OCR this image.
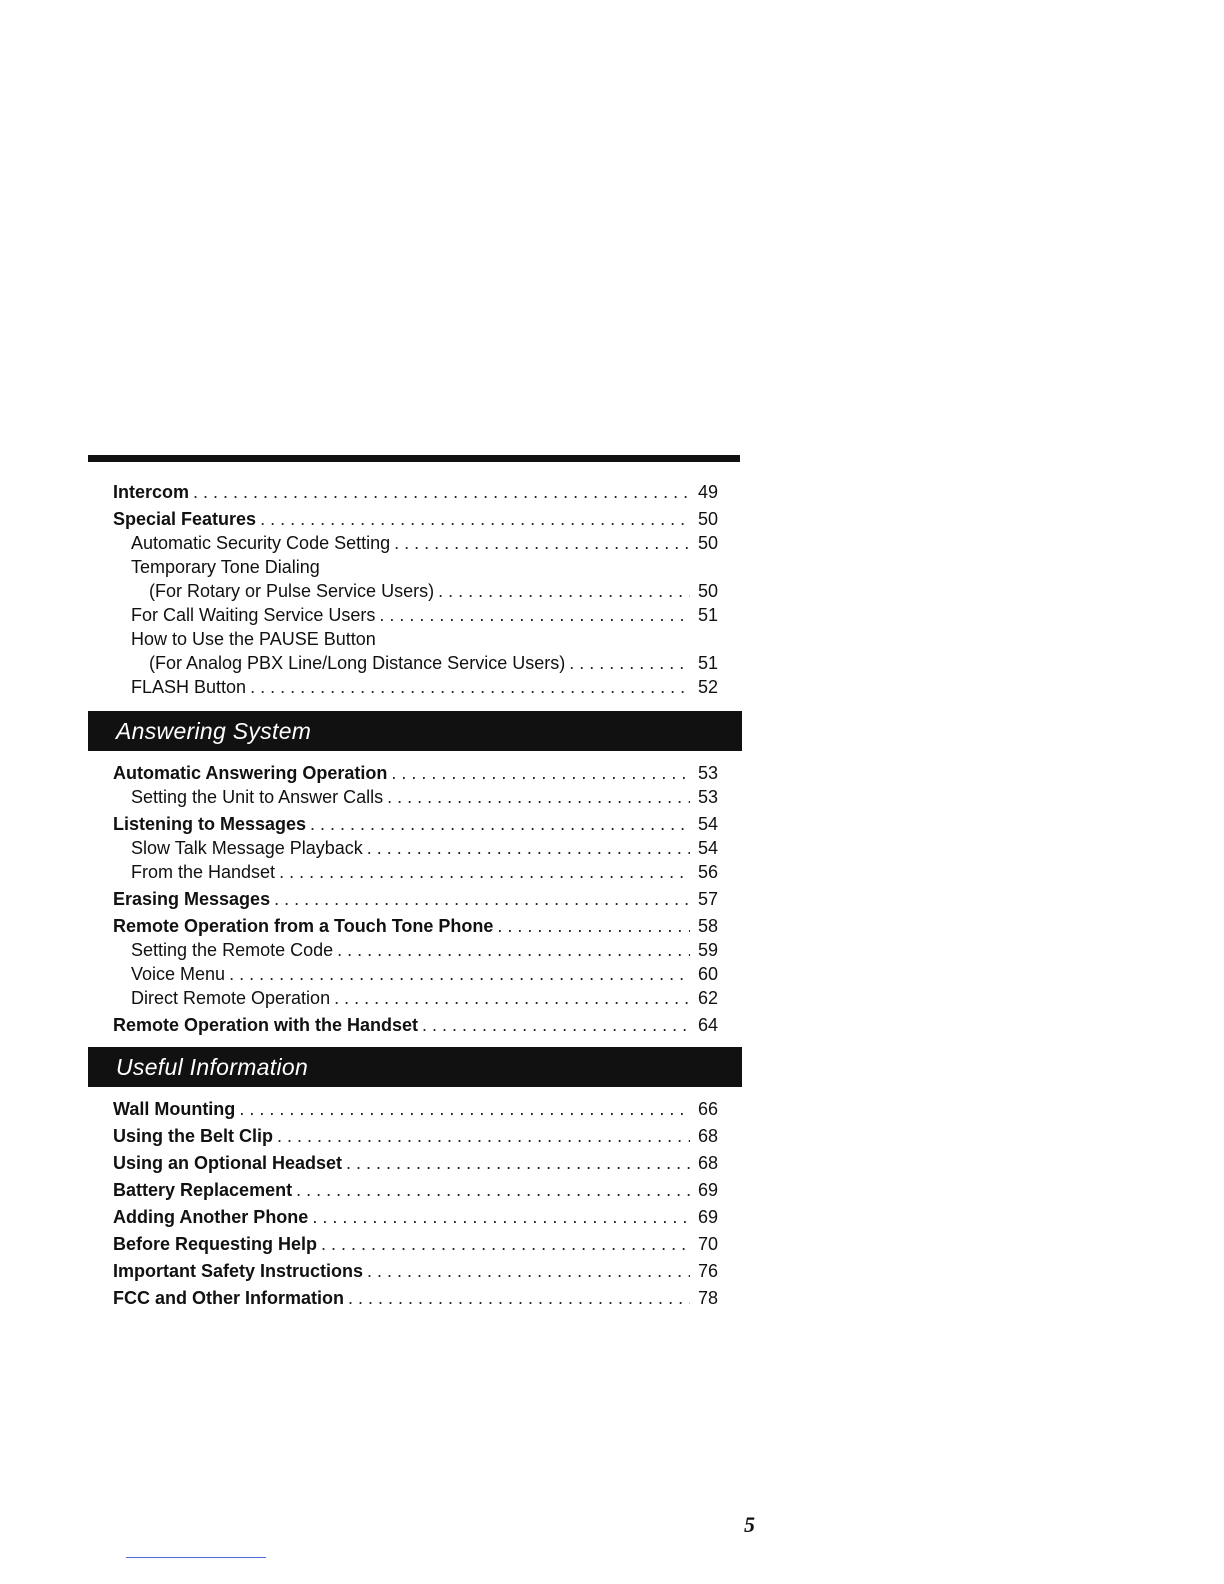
Intercom . . .	49
Special Features . . .	50
Automatic Security Code Setting . . .	50
Temporary Tone Dialing
(For Rotary or Pulse Service Users) . . .	50
For Call Waiting Service Users . . .	51
How to Use the PAUSE Button
(For Analog PBX Line/Long Distance Service Users) . . .	51
FLASH Button . . .	52
Answering System
Automatic Answering Operation . . .	53
Setting the Unit to Answer Calls . . .	53
Listening to Messages . . .	54
Slow Talk Message Playback . . .	54
From the Handset . . .	56
Erasing Messages . . .	57
Remote Operation from a Touch Tone Phone . . .	58
Setting the Remote Code . . .	59
Voice Menu . . .	60
Direct Remote Operation . . .	62
Remote Operation with the Handset . . .	64
Useful Information
Wall Mounting . . .	66
Using the Belt Clip . . .	68
Using an Optional Headset . . .	68
Battery Replacement . . .	69
Adding Another Phone . . .	69
Before Requesting Help . . .	70
Important Safety Instructions . . .	76
FCC and Other Information . . .	78
5
